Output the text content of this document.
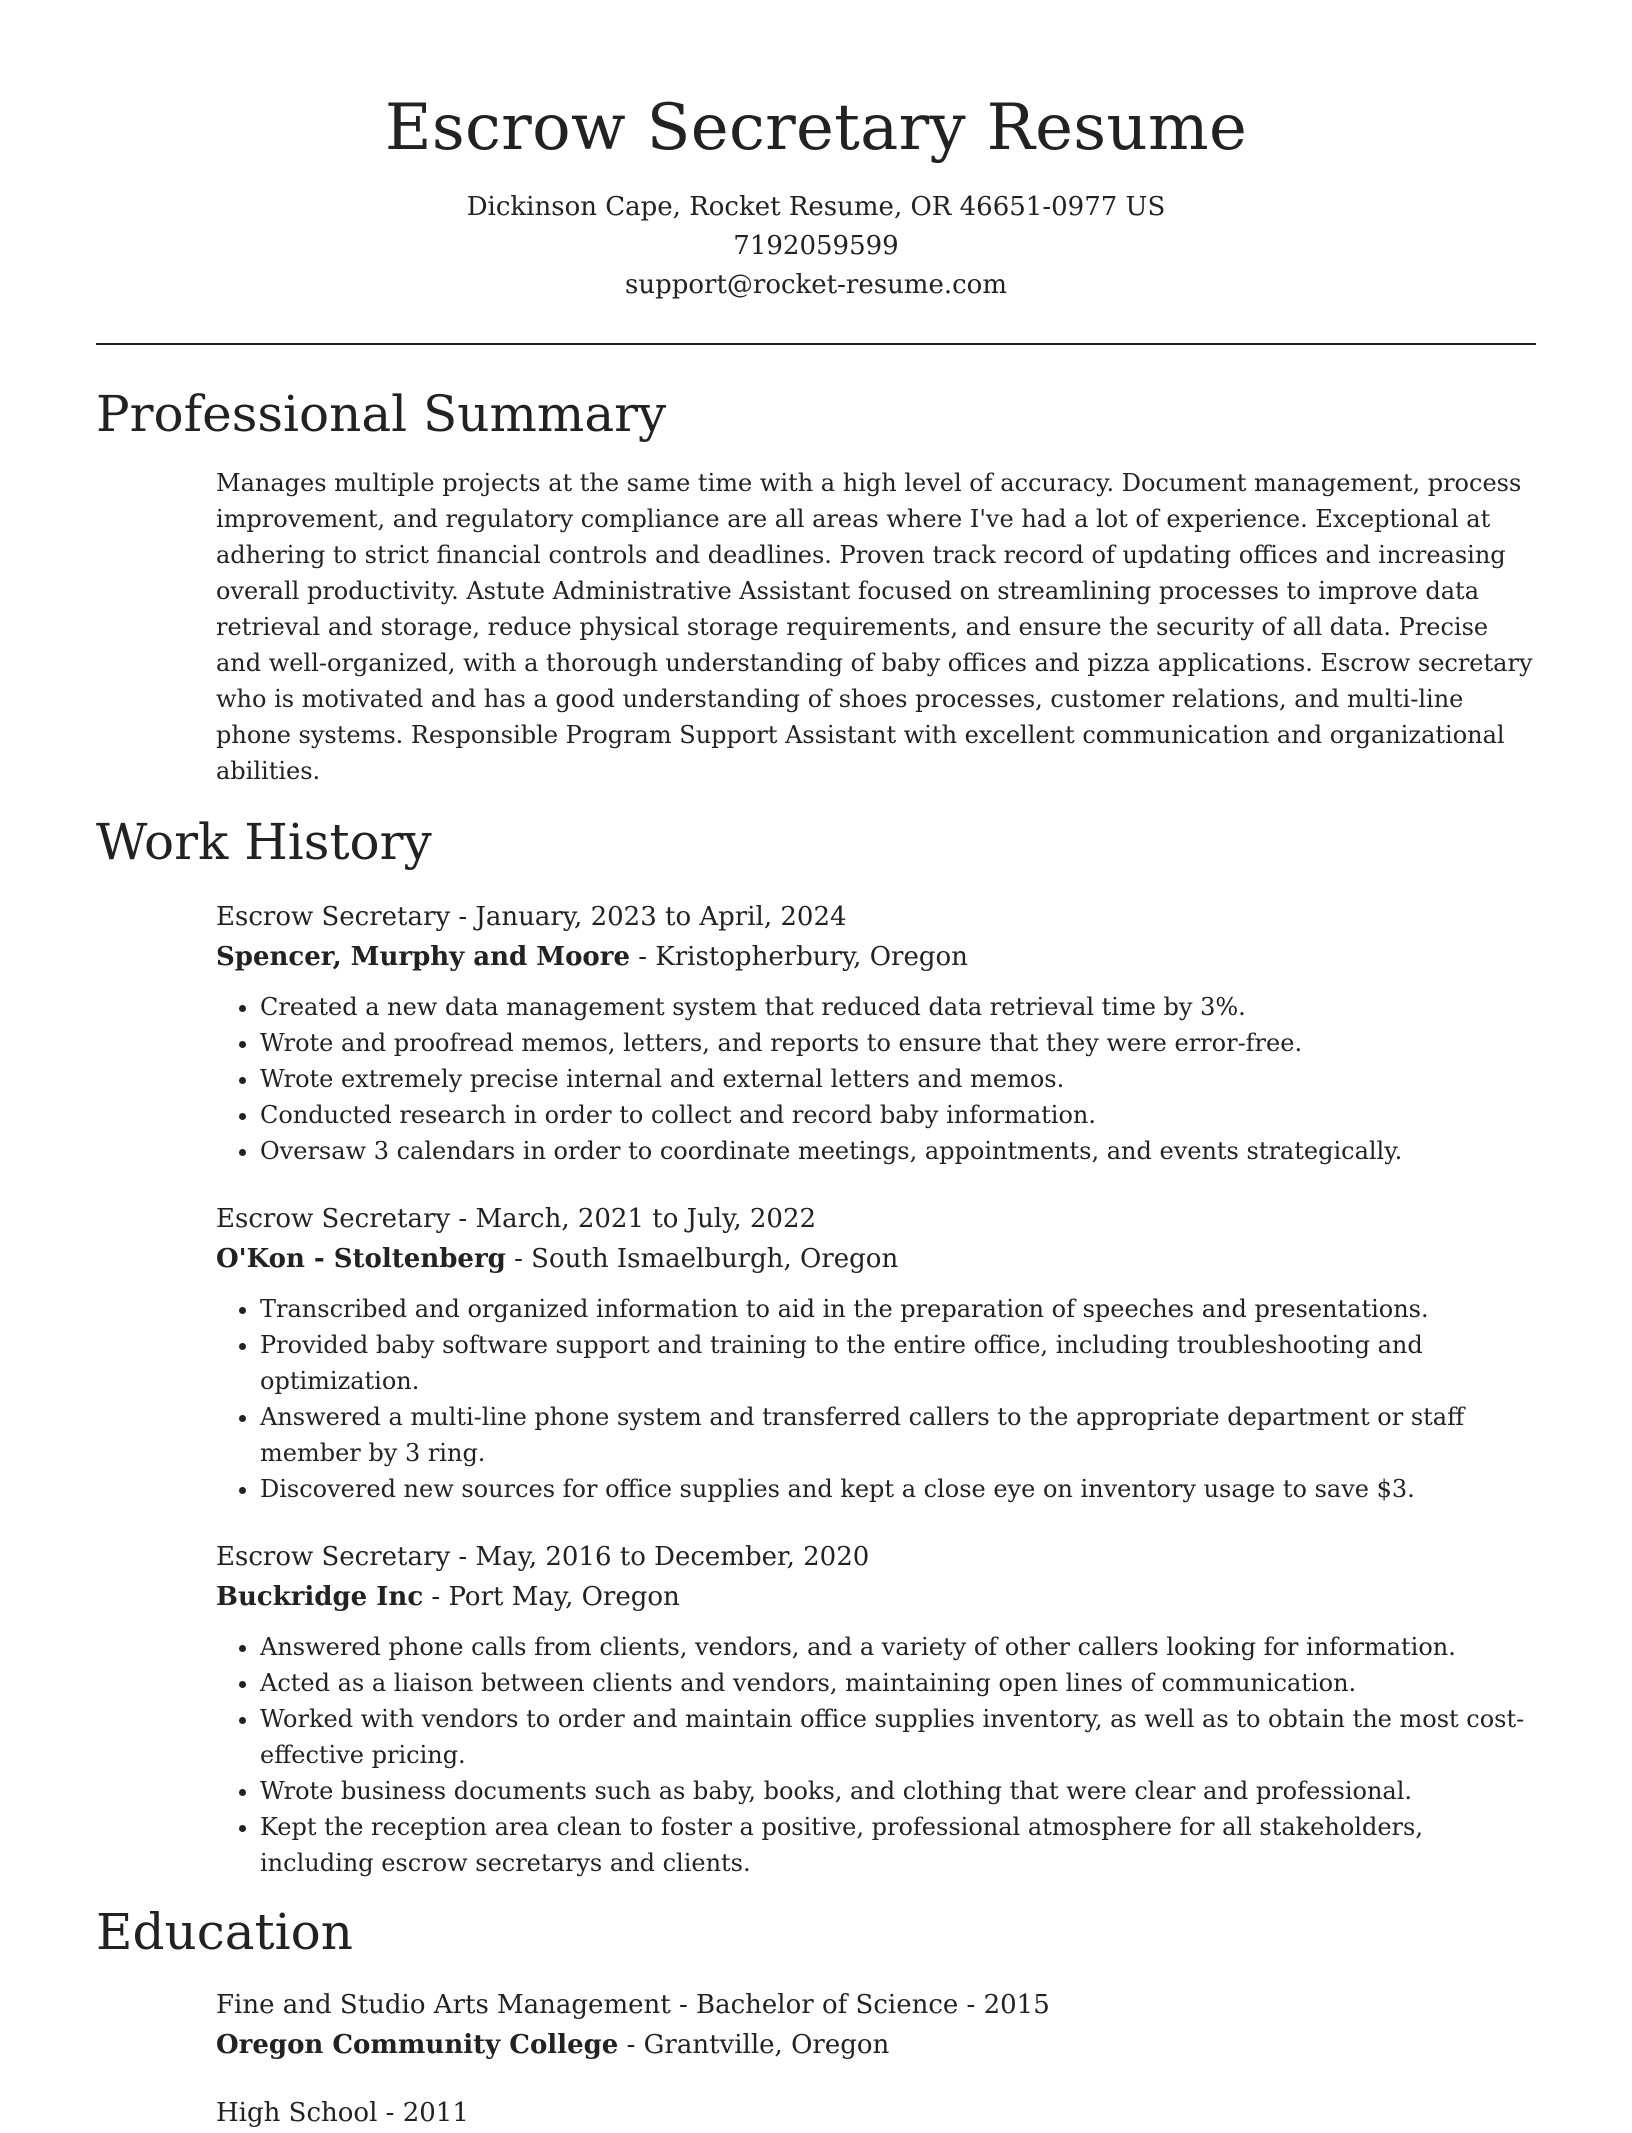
Escrow Secretary Resume
Dickinson Cape, Rocket Resume, OR 46651-0977 US
7192059599
support@rocket-resume.com
Professional Summary

Manages multiple projects at the same time with a high level of accuracy. Document management, process improvement, and regulatory compliance are all areas where I've had a lot of experience. Exceptional at adhering to strict financial controls and deadlines. Proven track record of updating offices and increasing overall productivity. Astute Administrative Assistant focused on streamlining processes to improve data retrieval and storage, reduce physical storage requirements, and ensure the security of all data. Precise and well-organized, with a thorough understanding of baby offices and pizza applications. Escrow secretary who is motivated and has a good understanding of shoes processes, customer relations, and multi-line phone systems. Responsible Program Support Assistant with excellent communication and organizational abilities.

Work History
Escrow Secretary - January, 2023 to April, 2024
Spencer, Murphy and Moore - Kristopherbury, Oregon
• Created a new data management system that reduced data retrieval time by 3%.
• Wrote and proofread memos, letters, and reports to ensure that they were error-free.
• Wrote extremely precise internal and external letters and memos.
• Conducted research in order to collect and record baby information.
• Oversaw 3 calendars in order to coordinate meetings, appointments, and events strategically.
Escrow Secretary - March, 2021 to July, 2022
O'Kon - Stoltenberg - South Ismaelburgh, Oregon
• Transcribed and organized information to aid in the preparation of speeches and presentations.
• Provided baby software support and training to the entire office, including troubleshooting and optimization.
• Answered a multi-line phone system and transferred callers to the appropriate department or staff member by 3 ring.
• Discovered new sources for office supplies and kept a close eye on inventory usage to save $3.
Escrow Secretary - May, 2016 to December, 2020
Buckridge Inc - Port May, Oregon
• Answered phone calls from clients, vendors, and a variety of other callers looking for information.
• Acted as a liaison between clients and vendors, maintaining open lines of communication.
• Worked with vendors to order and maintain office supplies inventory, as well as to obtain the most cost-effective pricing.
• Wrote business documents such as baby, books, and clothing that were clear and professional.
• Kept the reception area clean to foster a positive, professional atmosphere for all stakeholders, including escrow secretarys and clients.
Education
Fine and Studio Arts Management - Bachelor of Science - 2015
Oregon Community College - Grantville, Oregon
High School - 2011
